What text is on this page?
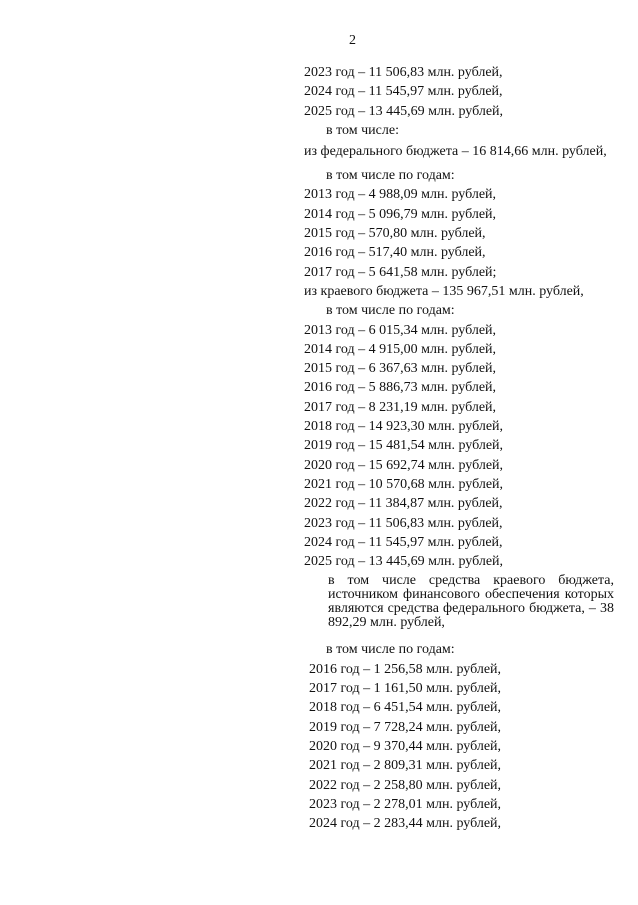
2
2023 год – 11 506,83 млн. рублей,
2024 год – 11 545,97 млн. рублей,
2025 год – 13 445,69 млн. рублей,
в том числе:
из федерального бюджета – 16 814,66 млн. рублей,
в том числе по годам:
2013 год – 4 988,09 млн. рублей,
2014 год – 5 096,79 млн. рублей,
2015 год – 570,80 млн. рублей,
2016 год – 517,40 млн. рублей,
2017 год – 5 641,58 млн. рублей;
из краевого бюджета – 135 967,51 млн. рублей,
в том числе по годам:
2013 год – 6 015,34 млн. рублей,
2014 год – 4 915,00 млн. рублей,
2015 год – 6 367,63 млн. рублей,
2016 год – 5 886,73 млн. рублей,
2017 год – 8 231,19 млн. рублей,
2018 год – 14 923,30 млн. рублей,
2019 год – 15 481,54 млн. рублей,
2020 год – 15 692,74 млн. рублей,
2021 год – 10 570,68 млн. рублей,
2022 год – 11 384,87 млн. рублей,
2023 год – 11 506,83 млн. рублей,
2024 год – 11 545,97 млн. рублей,
2025 год – 13 445,69 млн. рублей,
в том числе средства краевого бюджета, источником финансового обеспечения которых являются средства федерального бюджета, – 38 892,29 млн. рублей,
в том числе по годам:
2016 год – 1 256,58 млн. рублей,
2017 год – 1 161,50 млн. рублей,
2018 год – 6 451,54 млн. рублей,
2019 год – 7 728,24 млн. рублей,
2020 год – 9 370,44 млн. рублей,
2021 год – 2 809,31 млн. рублей,
2022 год – 2 258,80 млн. рублей,
2023 год – 2 278,01 млн. рублей,
2024 год – 2 283,44 млн. рублей,
